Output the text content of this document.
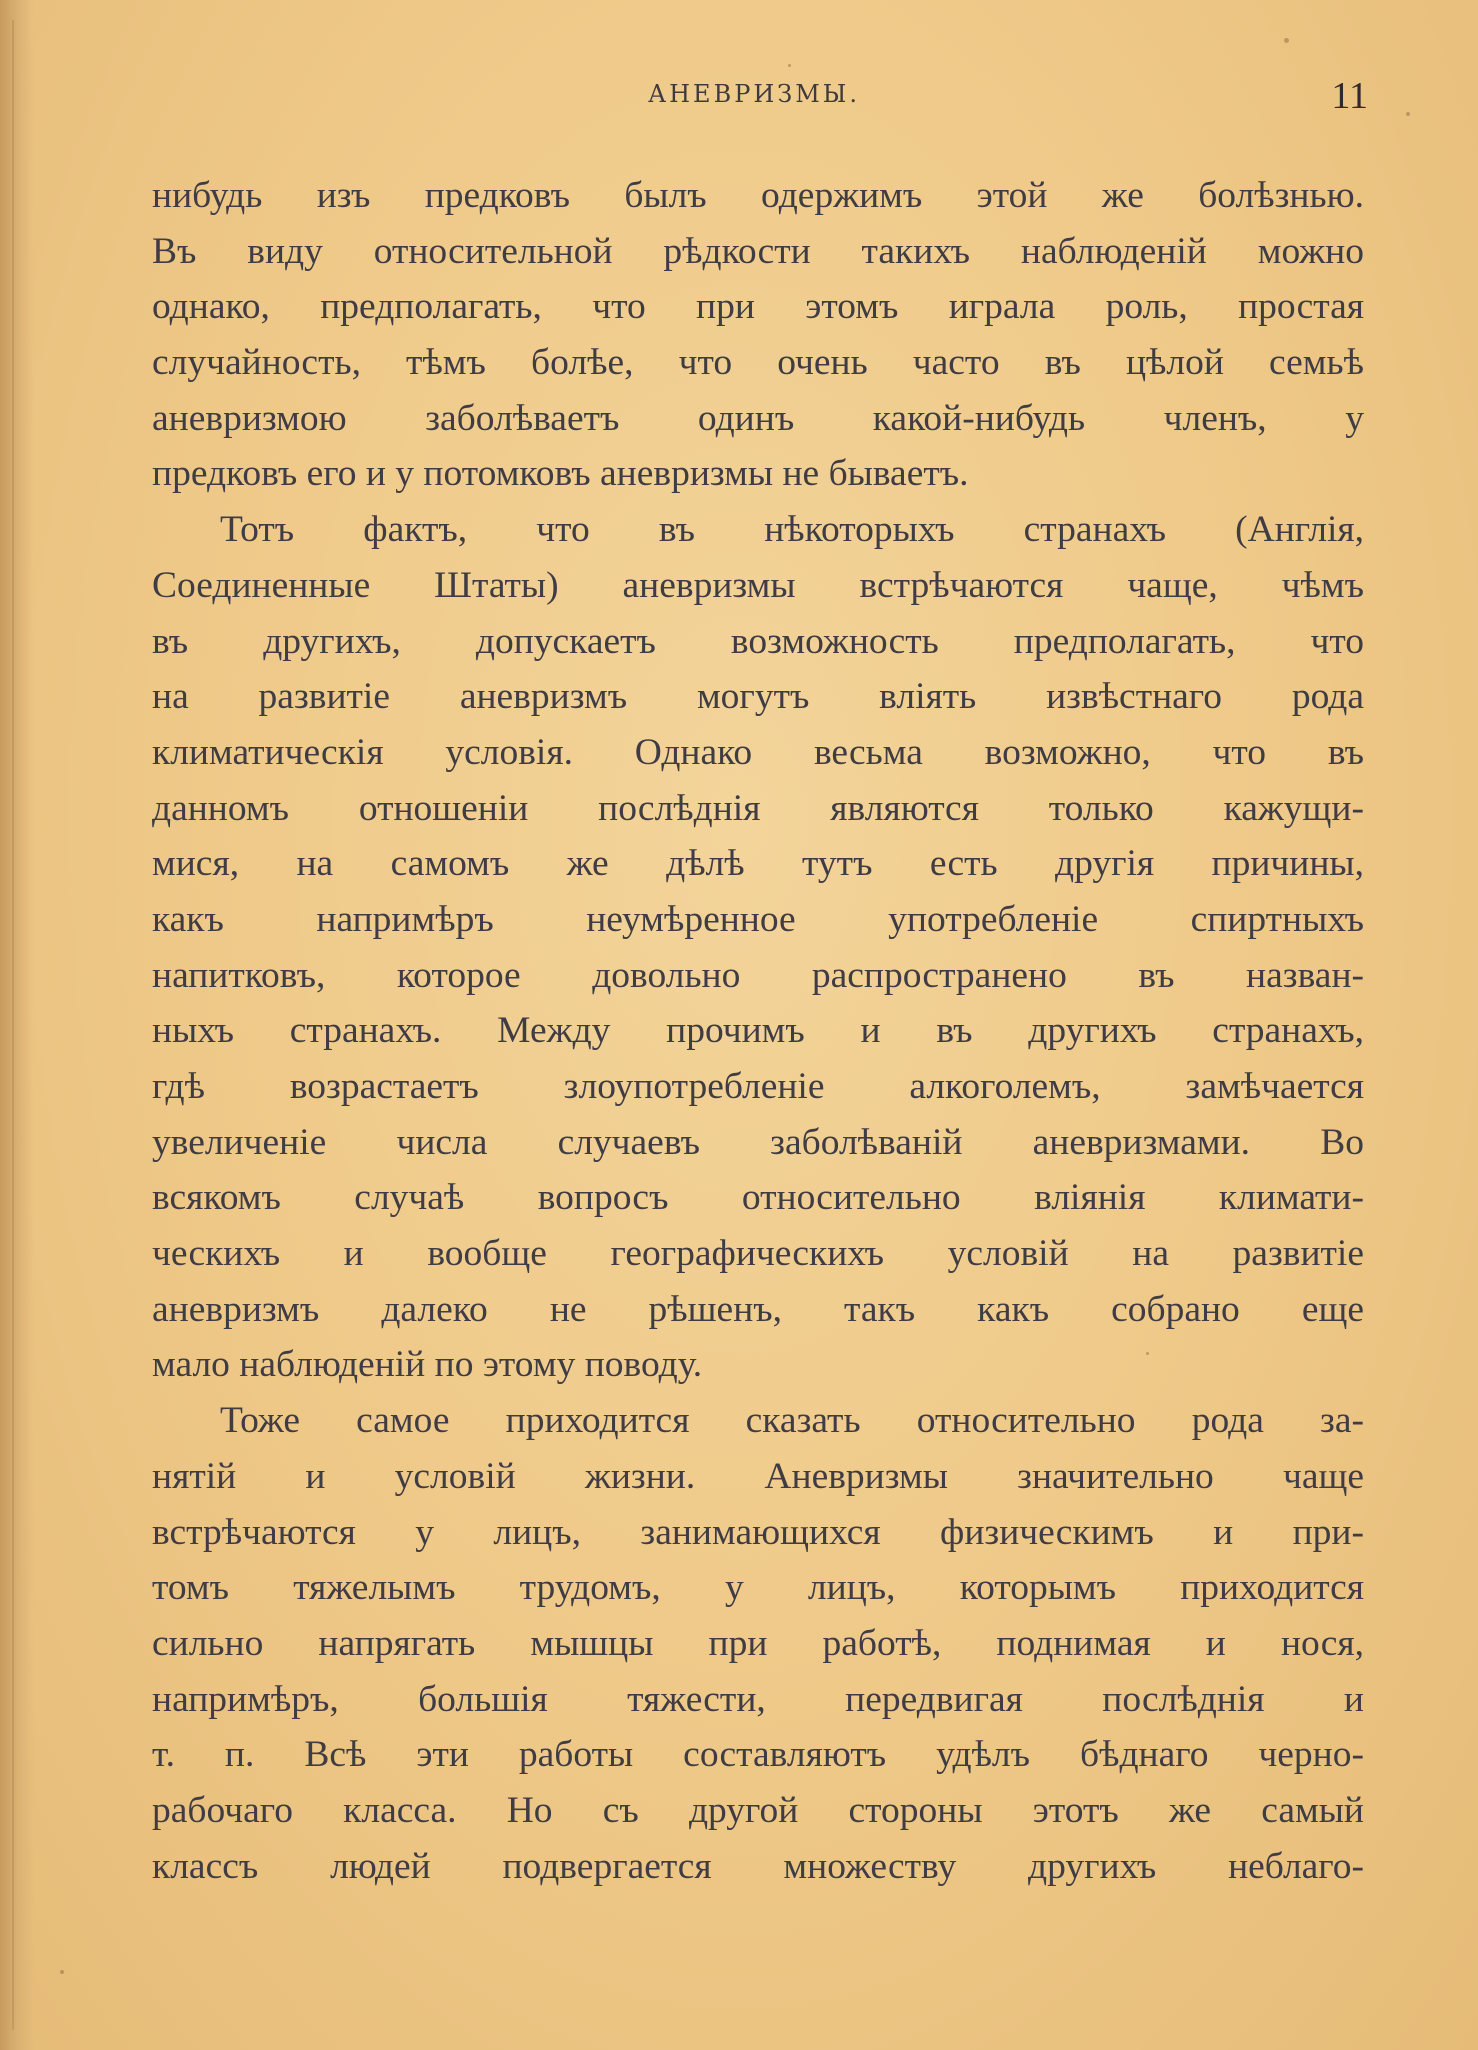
АНЕВРИЗМЫ.	11
нибудь изъ предковъ былъ одержимъ этой же болѣзнью.
Въ виду относительной рѣдкости такихъ наблюденій можно
однако, предполагать, что при этомъ играла роль, простая
случайность, тѣмъ болѣе, что очень часто въ цѣлой семьѣ
аневризмою заболѣваетъ одинъ какой-нибудь членъ, у
предковъ его и у потомковъ аневризмы не бываетъ.
Тотъ фактъ, что въ нѣкоторыхъ странахъ (Англія,
Соединенные Штаты) аневризмы встрѣчаются чаще, чѣмъ
въ другихъ, допускаетъ возможность предполагать, что
на развитіе аневризмъ могутъ вліять извѣстнаго рода
климатическія условія. Однако весьма возможно, что въ
данномъ отношеніи послѣднія являются только кажущи-
мися, на самомъ же дѣлѣ тутъ есть другія причины,
какъ напримѣръ неумѣренное употребленіе спиртныхъ
напитковъ, которое довольно распространено въ назван-
ныхъ странахъ. Между прочимъ и въ другихъ странахъ,
гдѣ возрастаетъ злоупотребленіе алкоголемъ, замѣчается
увеличеніе числа случаевъ заболѣваній аневризмами. Во
всякомъ случаѣ вопросъ относительно вліянія климати-
ческихъ и вообще географическихъ условій на развитіе
аневризмъ далеко не рѣшенъ, такъ какъ собрано еще
мало наблюденій по этому поводу.
Тоже самое приходится сказать относительно рода за-
нятій и условій жизни. Аневризмы значительно чаще
встрѣчаются у лицъ, занимающихся физическимъ и при-
томъ тяжелымъ трудомъ, у лицъ, которымъ приходится
сильно напрягать мышцы при работѣ, поднимая и нося,
напримѣръ, большія тяжести, передвигая послѣднія и
т. п. Всѣ эти работы составляютъ удѣлъ бѣднаго черно-
рабочаго класса. Но съ другой стороны этотъ же самый
классъ людей подвергается множеству другихъ неблаго-
